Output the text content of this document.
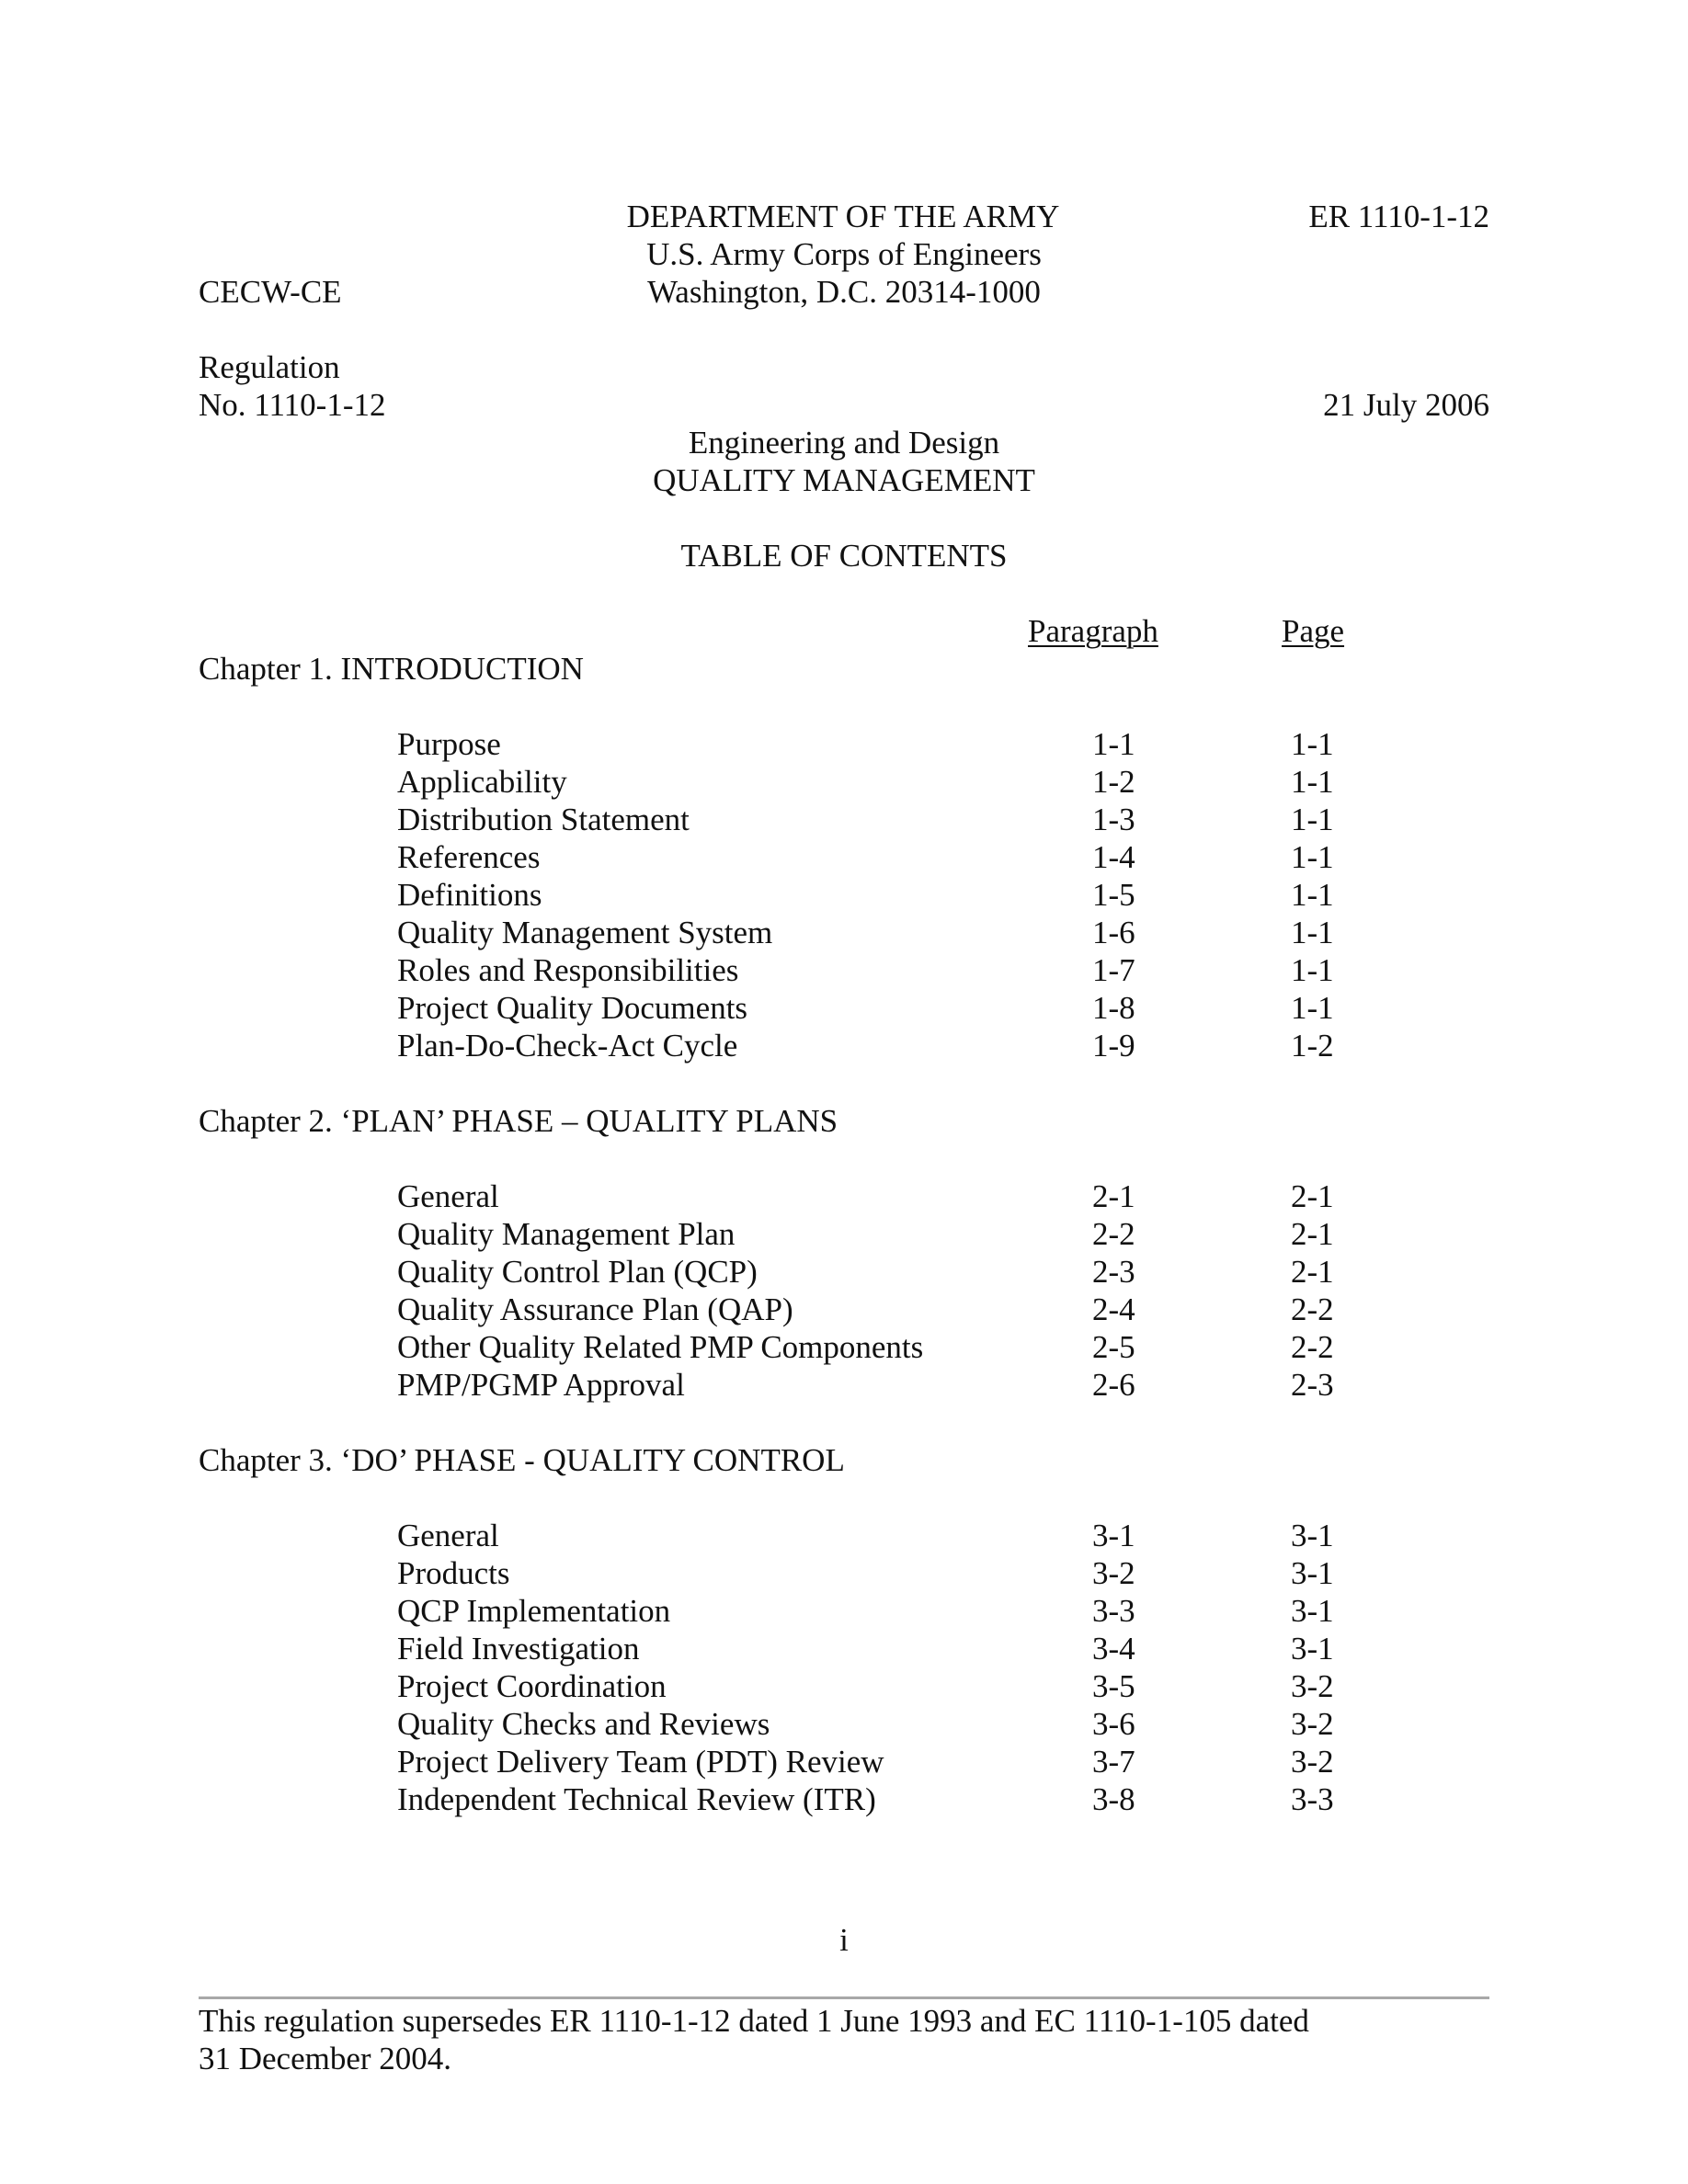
DEPARTMENT OF THE ARMY	ER 1110-1-12
U.S. Army Corps of Engineers
CECW-CE	Washington, D.C. 20314-1000
Regulation
No. 1110-1-12	21 July 2006
Engineering and Design
QUALITY MANAGEMENT
TABLE OF CONTENTS
Paragraph	Page
Chapter 1. INTRODUCTION
Purpose	1-1	1-1
Applicability	1-2	1-1
Distribution Statement	1-3	1-1
References	1-4	1-1
Definitions	1-5	1-1
Quality Management System	1-6	1-1
Roles and Responsibilities	1-7	1-1
Project Quality Documents	1-8	1-1
Plan-Do-Check-Act Cycle	1-9	1-2
Chapter 2. ‘PLAN’ PHASE – QUALITY PLANS
General	2-1	2-1
Quality Management Plan	2-2	2-1
Quality Control Plan (QCP)	2-3	2-1
Quality Assurance Plan (QAP)	2-4	2-2
Other Quality Related PMP Components	2-5	2-2
PMP/PGMP Approval	2-6	2-3
Chapter 3. ‘DO’ PHASE - QUALITY CONTROL
General	3-1	3-1
Products	3-2	3-1
QCP Implementation	3-3	3-1
Field Investigation	3-4	3-1
Project Coordination	3-5	3-2
Quality Checks and Reviews	3-6	3-2
Project Delivery Team (PDT) Review	3-7	3-2
Independent Technical Review (ITR)	3-8	3-3
i
This regulation supersedes ER 1110-1-12 dated 1 June 1993 and EC 1110-1-105 dated
31 December 2004.
